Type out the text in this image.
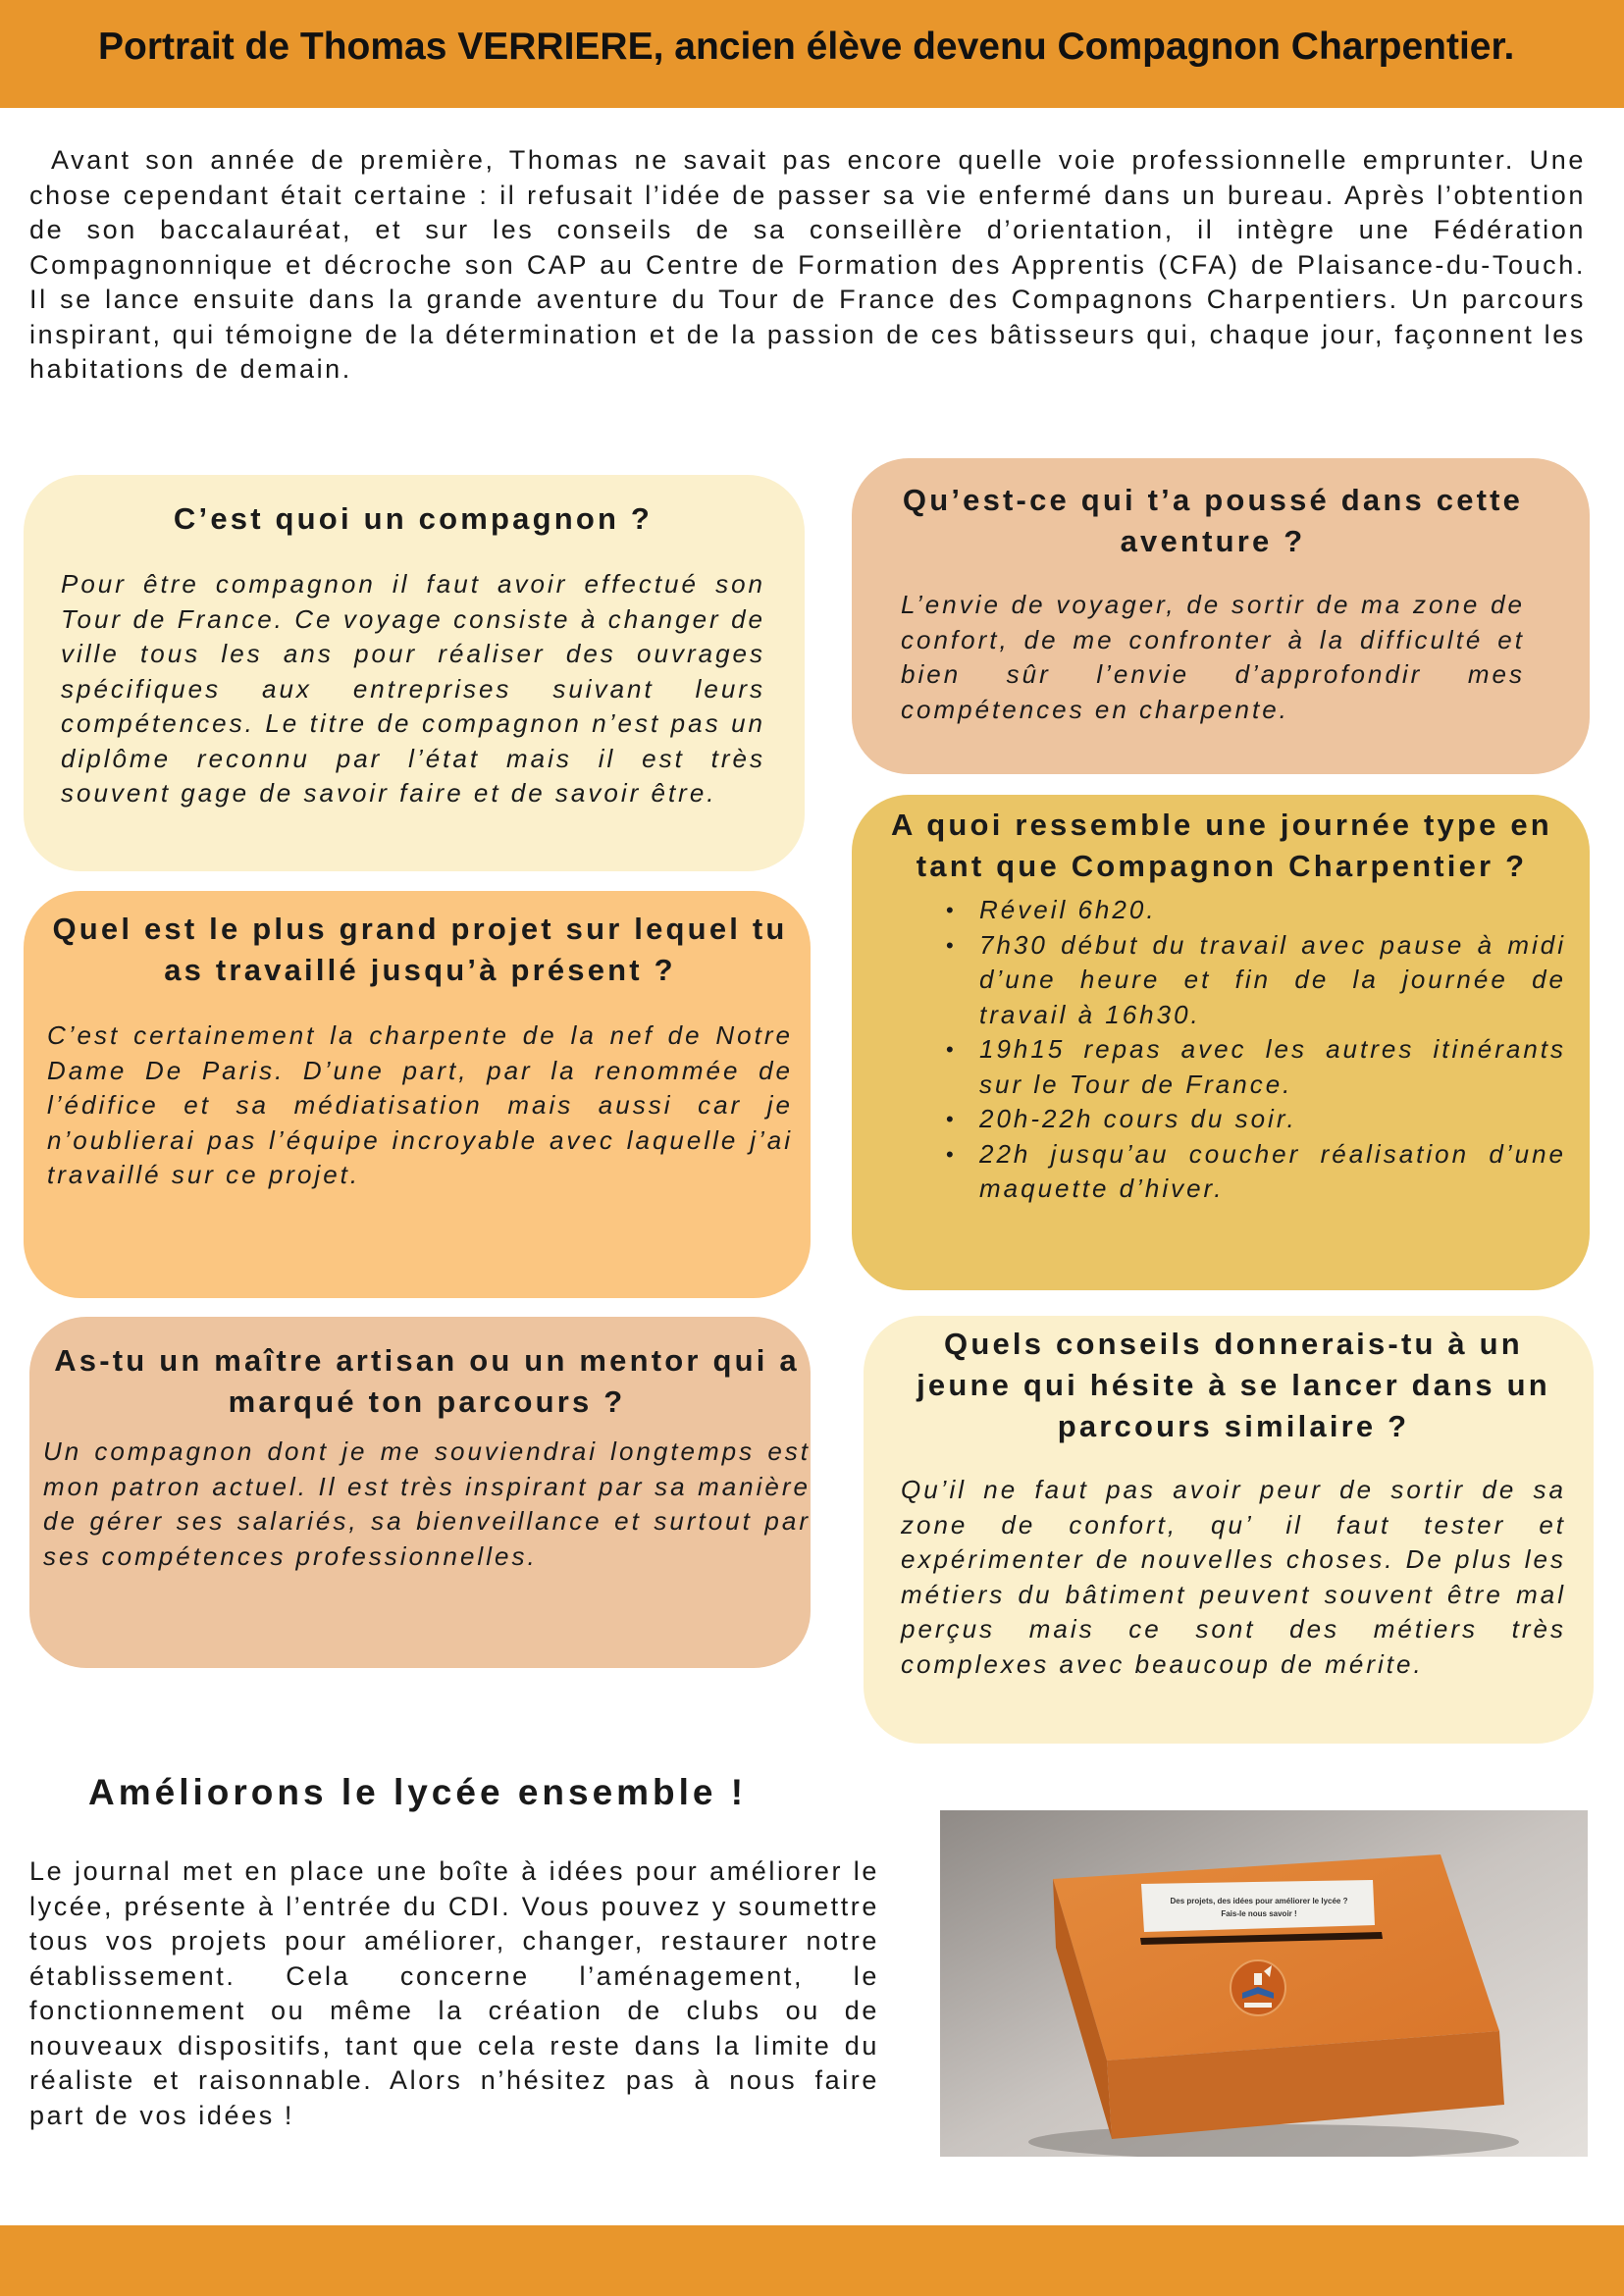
Portrait de Thomas VERRIERE, ancien élève devenu Compagnon Charpentier.

Avant son année de première, Thomas ne savait pas encore quelle voie professionnelle emprunter. Une chose cependant était certaine : il refusait l’idée de passer sa vie enfermé dans un bureau. Après l’obtention de son baccalauréat, et sur les conseils de sa conseillère d’orientation, il intègre une Fédération Compagnonnique et décroche son CAP au Centre de Formation des Apprentis (CFA) de Plaisance-du-Touch. Il se lance ensuite dans la grande aventure du Tour de France des Compagnons Charpentiers. Un parcours inspirant, qui témoigne de la détermination et de la passion de ces bâtisseurs qui, chaque jour, façonnent les habitations de demain.

C’est quoi un compagnon ?

Pour être compagnon il faut avoir effectué son Tour de France. Ce voyage consiste à changer de ville tous les ans pour réaliser des ouvrages spécifiques aux entreprises suivant leurs compétences. Le titre de compagnon n’est pas un diplôme reconnu par l’état mais il est très souvent gage de savoir faire et de savoir être.

Qu’est-ce qui t’a poussé dans cette aventure ?

L’envie de voyager, de sortir de ma zone de confort, de me confronter à la difficulté et bien sûr l’envie d’approfondir mes compétences en charpente.

Quel est le plus grand projet sur lequel tu as travaillé jusqu’à présent ?

C’est certainement la charpente de la nef de Notre Dame De Paris. D’une part, par la renommée de l’édifice et sa médiatisation mais aussi car je n’oublierai pas l’équipe incroyable avec laquelle j’ai travaillé sur ce projet.

A quoi ressemble une journée type en tant que Compagnon Charpentier ?
• Réveil 6h20.
• 7h30 début du travail avec pause à midi d’une heure et fin de la journée de travail à 16h30.
• 19h15 repas avec les autres itinérants sur le Tour de France.
• 20h-22h cours du soir.
• 22h jusqu’au coucher réalisation d’une maquette d’hiver.
As-tu un maître artisan ou un mentor qui a marqué ton parcours ?

Un compagnon dont je me souviendrai longtemps est mon patron actuel. Il est très inspirant par sa manière de gérer ses salariés, sa bienveillance et surtout par ses compétences professionnelles.

Quels conseils donnerais-tu à un jeune qui hésite à se lancer dans un parcours similaire ?

Qu’il ne faut pas avoir peur de sortir de sa zone de confort, qu’ il faut tester et expérimenter de nouvelles choses. De plus les métiers du bâtiment peuvent souvent être mal perçus mais ce sont des métiers très complexes avec beaucoup de mérite.

Améliorons le lycée ensemble !

Le journal met en place une boîte à idées pour améliorer le lycée, présente à l’entrée du CDI. Vous pouvez y soumettre tous vos projets pour améliorer, changer, restaurer notre établissement. Cela concerne l’aménagement, le fonctionnement ou même la création de clubs ou de nouveaux dispositifs, tant que cela reste dans la limite du réaliste et raisonnable. Alors n’hésitez pas à nous faire part de vos idées !

Des projets, des idées pour améliorer le lycée ?
Fais-le nous savoir !
